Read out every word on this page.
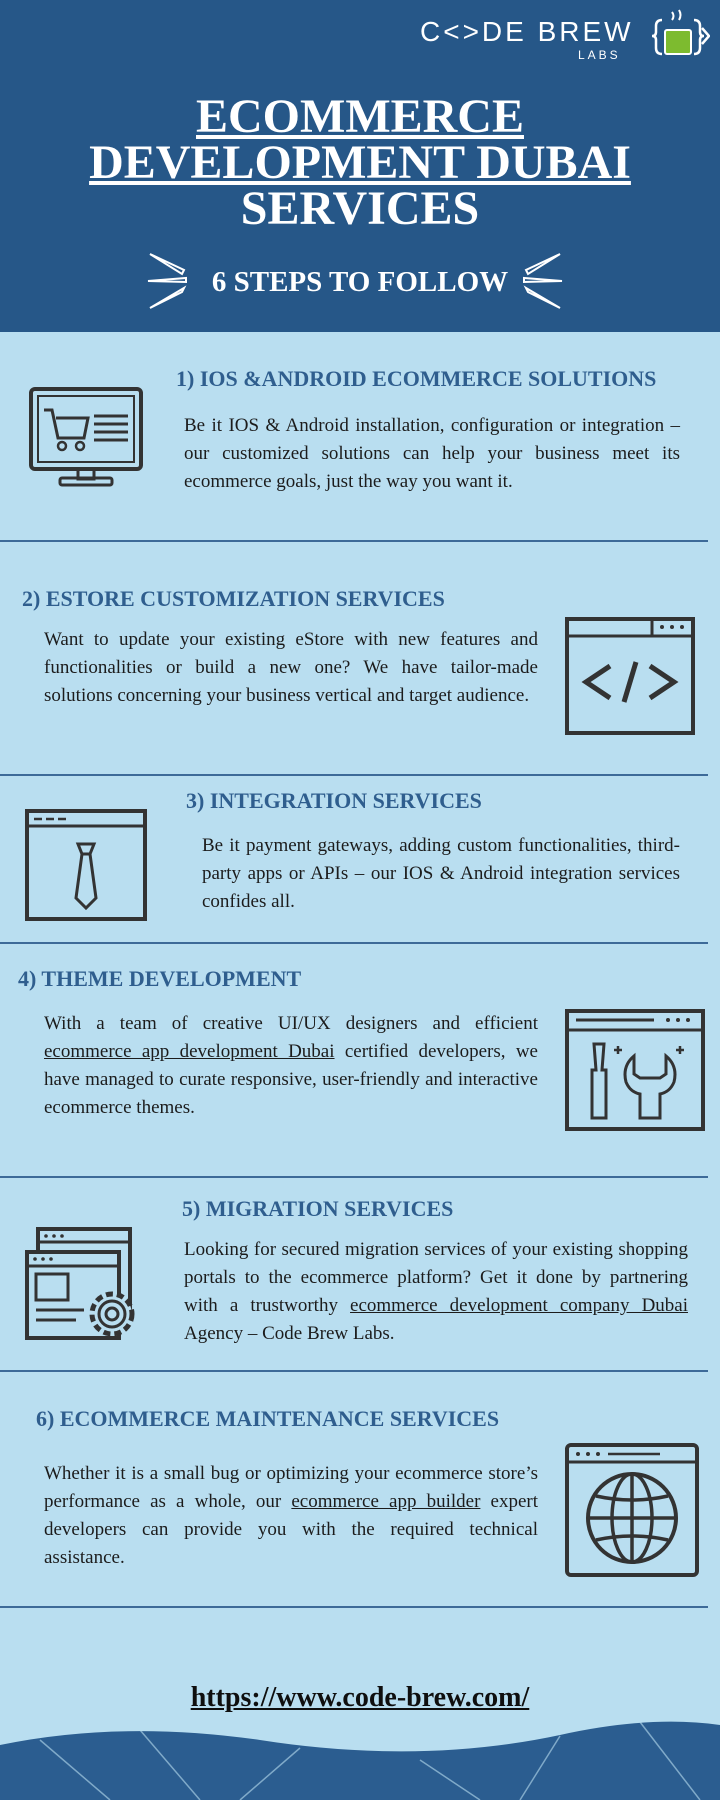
C<>DE BREW
LABS
ECOMMERCE
DEVELOPMENT DUBAI
SERVICES
6 STEPS TO FOLLOW
1) IOS &ANDROID ECOMMERCE SOLUTIONS
Be it IOS & Android installation, configuration or integration – our customized solutions can help your business meet its ecommerce goals, just the way you want it.
2) ESTORE CUSTOMIZATION SERVICES
Want to update your existing eStore with new features and functionalities or build a new one? We have tailor-made solutions concerning your business vertical and target audience.
3) INTEGRATION SERVICES
Be it payment gateways, adding custom functionalities, third-party apps or APIs – our IOS & Android integration services confides all.
4) THEME DEVELOPMENT
With a team of creative UI/UX designers and efficient ecommerce app development Dubai certified developers, we have managed to curate responsive, user-friendly and interactive ecommerce themes.
5) MIGRATION SERVICES
Looking for secured migration services of your existing shopping portals to the ecommerce platform? Get it done by partnering with a trustworthy ecommerce development company Dubai Agency – Code Brew Labs.
6) ECOMMERCE MAINTENANCE SERVICES
Whether it is a small bug or optimizing your ecommerce store’s performance as a whole, our ecommerce app builder expert developers can provide you with the required technical assistance.
https://www.code-brew.com/
